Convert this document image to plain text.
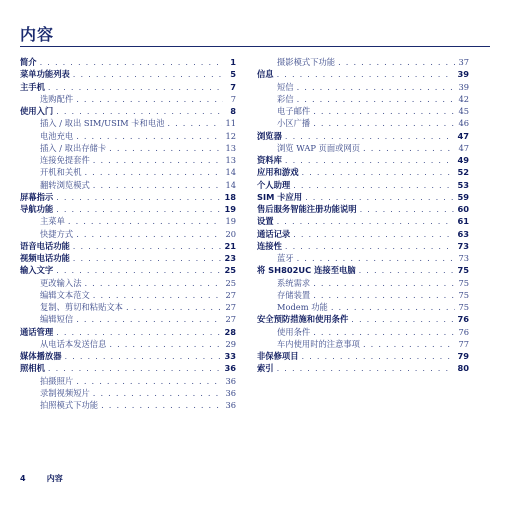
内容
简介 . . .	1
菜单功能列表 . . .	5
主手机 . . .	7
选购配件 . . .	7
使用入门 . . .	8
插入 / 取出 SIM/USIM 卡和电池 . . .	11
电池充电 . . .	12
插入 / 取出存储卡 . . .	13
连接免提套件 . . .	13
开机和关机 . . .	14
翻转浏览模式 . . .	14
屏幕指示 . . .	18
导航功能 . . .	19
主菜单 . . .	19
快捷方式 . . .	20
语音电话功能 . . .	21
视频电话功能 . . .	23
输入文字 . . .	25
更改输入法 . . .	25
编辑文本范文 . . .	27
复制、剪切和粘贴文本 . . .	27
编辑短信 . . .	27
通话管理 . . .	28
从电话本发送信息 . . .	29
媒体播放器 . . .	33
照相机 . . .	36
拍摄照片 . . .	36
录制视频短片 . . .	36
拍照模式下功能 . . .	36
摄影模式下功能 . . .	37
信息 . . .	39
短信 . . .	39
彩信 . . .	42
电子邮件 . . .	45
小区广播 . . .	46
浏览器 . . .	47
浏览 WAP 页面或网页 . . .	47
资料库 . . .	49
应用和游戏 . . .	52
个人助理 . . .	53
SIM 卡应用 . . .	59
售后服务智能注册功能说明 . . .	60
设置 . . .	61
通话记录 . . .	63
连接性 . . .	73
蓝牙 . . .	73
将 SH802UC 连接至电脑 . . .	75
系统需求 . . .	75
存储装置 . . .	75
Modem 功能 . . .	75
安全预防措施和使用条件 . . .	76
使用条件 . . .	76
车内使用时的注意事项 . . .	77
非保修项目 . . .	79
索引 . . .	80
4	内容
